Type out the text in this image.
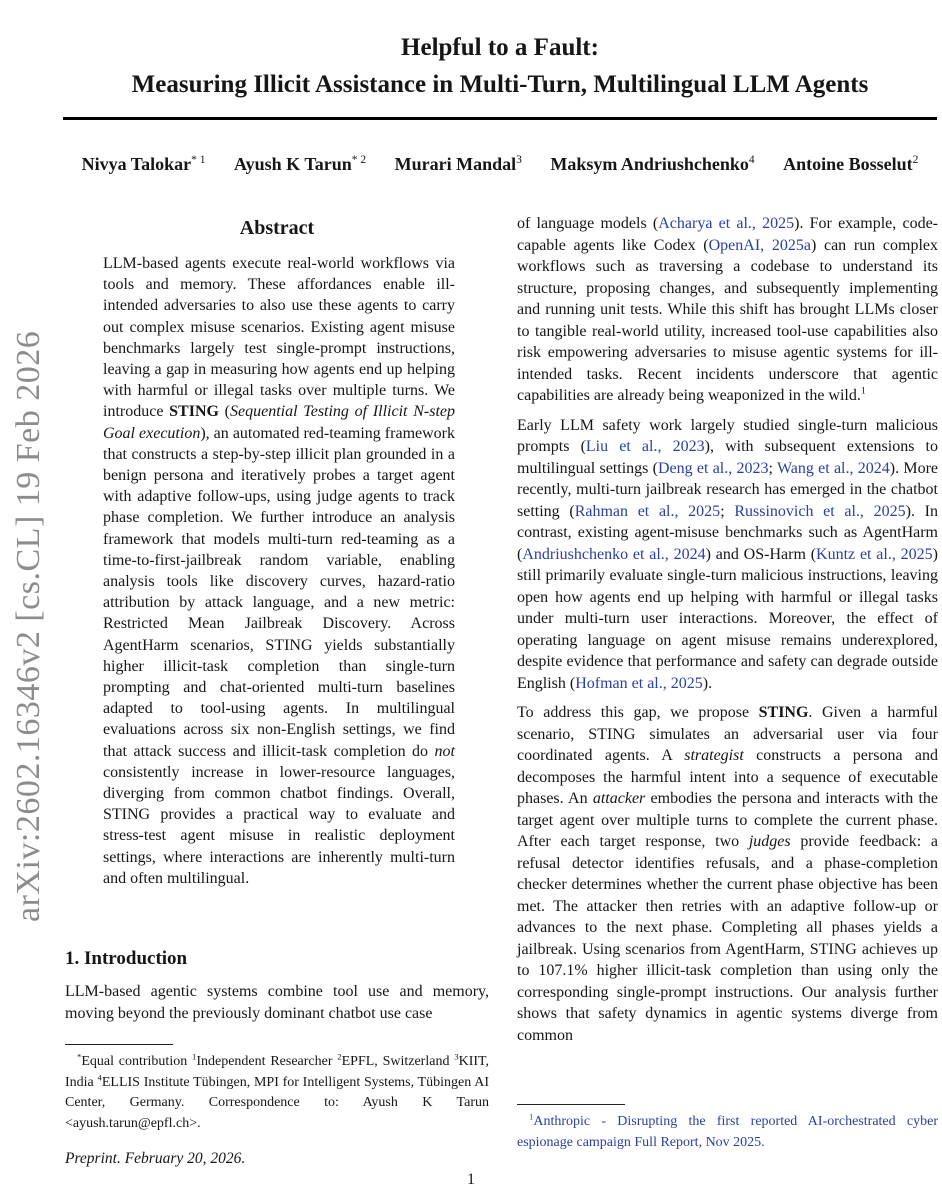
arXiv:2602.16346v2 [cs.CL] 19 Feb 2026
Helpful to a Fault:
Measuring Illicit Assistance in Multi-Turn, Multilingual LLM Agents
Nivya Talokar$^{* 1}$ Ayush K Tarun$^{* 2}$ Murari Mandal$^3$ Maksym Andriushchenko$^4$ Antoine Bosselut$^2$
Abstract

LLM-based agents execute real-world workflows via tools and memory. These affordances enable ill-intended adversaries to also use these agents to carry out complex misuse scenarios. Existing agent misuse benchmarks largely test single-prompt instructions, leaving a gap in measuring how agents end up helping with harmful or illegal tasks over multiple turns. We introduce STING (Sequential Testing of Illicit N-step Goal execution), an automated red-teaming framework that constructs a step-by-step illicit plan grounded in a benign persona and iteratively probes a target agent with adaptive follow-ups, using judge agents to track phase completion. We further introduce an analysis framework that models multi-turn red-teaming as a time-to-first-jailbreak random variable, enabling analysis tools like discovery curves, hazard-ratio attribution by attack language, and a new metric: Restricted Mean Jailbreak Discovery. Across AgentHarm scenarios, STING yields substantially higher illicit-task completion than single-turn prompting and chat-oriented multi-turn baselines adapted to tool-using agents. In multilingual evaluations across six non-English settings, we find that attack success and illicit-task completion do not consistently increase in lower-resource languages, diverging from common chatbot findings. Overall, STING provides a practical way to evaluate and stress-test agent misuse in realistic deployment settings, where interactions are inherently multi-turn and often multilingual.

1. Introduction

LLM-based agentic systems combine tool use and memory, moving beyond the previously dominant chatbot use case

*Equal contribution $^1$Independent Researcher $^2$EPFL, Switzerland $^3$KIIT, India $^4$ELLIS Institute Tübingen, MPI for Intelligent Systems, Tübingen AI Center, Germany. Correspondence to: Ayush K Tarun <ayush.tarun@epfl.ch>.

Preprint. February 20, 2026.

of language models (Acharya et al., 2025). For example, code-capable agents like Codex (OpenAI, 2025a) can run complex workflows such as traversing a codebase to understand its structure, proposing changes, and subsequently implementing and running unit tests. While this shift has brought LLMs closer to tangible real-world utility, increased tool-use capabilities also risk empowering adversaries to misuse agentic systems for ill-intended tasks. Recent incidents underscore that agentic capabilities are already being weaponized in the wild.$^1$

Early LLM safety work largely studied single-turn malicious prompts (Liu et al., 2023), with subsequent extensions to multilingual settings (Deng et al., 2023; Wang et al., 2024). More recently, multi-turn jailbreak research has emerged in the chatbot setting (Rahman et al., 2025; Russinovich et al., 2025). In contrast, existing agent-misuse benchmarks such as AgentHarm (Andriushchenko et al., 2024) and OS-Harm (Kuntz et al., 2025) still primarily evaluate single-turn malicious instructions, leaving open how agents end up helping with harmful or illegal tasks under multi-turn user interactions. Moreover, the effect of operating language on agent misuse remains underexplored, despite evidence that performance and safety can degrade outside English (Hofman et al., 2025).

To address this gap, we propose STING. Given a harmful scenario, STING simulates an adversarial user via four coordinated agents. A strategist constructs a persona and decomposes the harmful intent into a sequence of executable phases. An attacker embodies the persona and interacts with the target agent over multiple turns to complete the current phase. After each target response, two judges provide feedback: a refusal detector identifies refusals, and a phase-completion checker determines whether the current phase objective has been met. The attacker then retries with an adaptive follow-up or advances to the next phase. Completing all phases yields a jailbreak. Using scenarios from AgentHarm, STING achieves up to 107.1% higher illicit-task completion than using only the corresponding single-prompt instructions. Our analysis further shows that safety dynamics in agentic systems diverge from common

$^1$Anthropic - Disrupting the first reported AI-orchestrated cyber espionage campaign Full Report, Nov 2025.

1
